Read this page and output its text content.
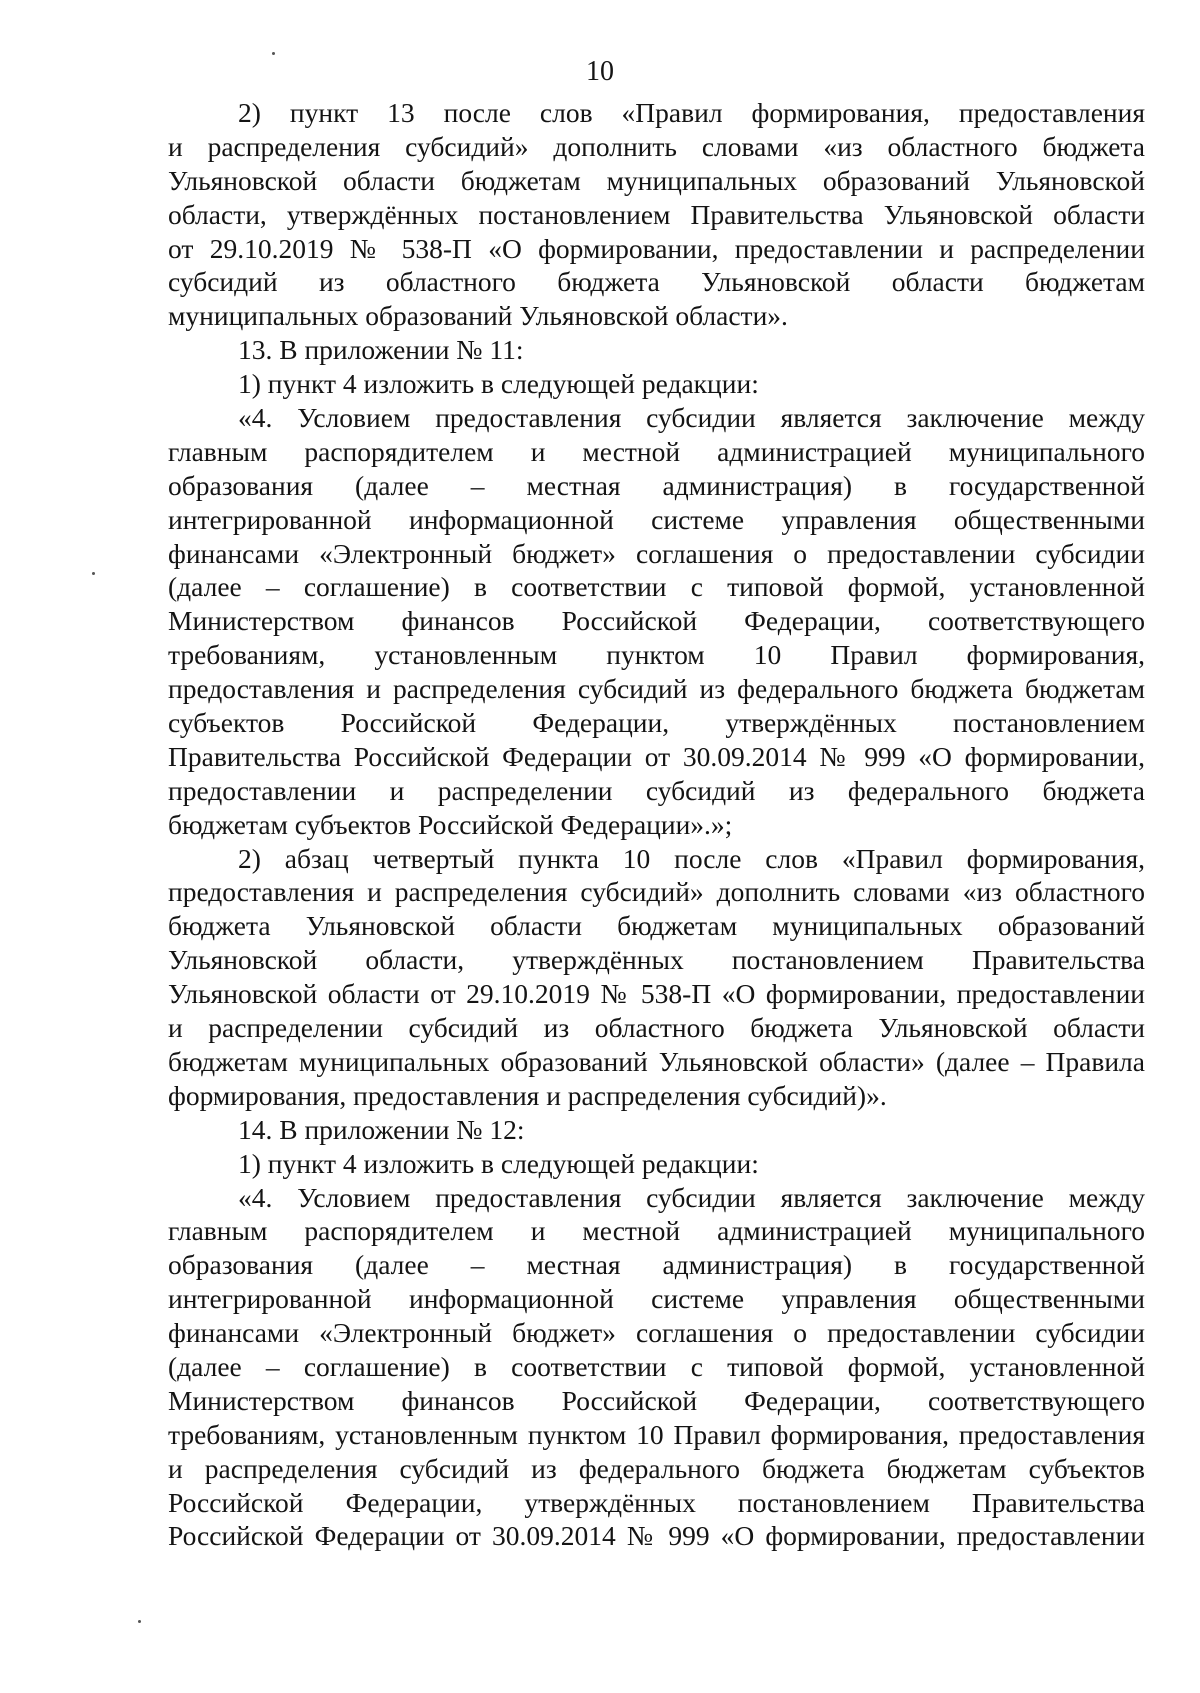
10
2) пункт 13 после слов «Правил формирования, предоставления
и распределения субсидий» дополнить словами «из областного бюджета
Ульяновской области бюджетам муниципальных образований Ульяновской
области, утверждённых постановлением Правительства Ульяновской области
от 29.10.2019 № 538-П «О формировании, предоставлении и распределении
субсидий из областного бюджета Ульяновской области бюджетам
муниципальных образований Ульяновской области».
13. В приложении № 11:
1) пункт 4 изложить в следующей редакции:
«4. Условием предоставления субсидии является заключение между
главным распорядителем и местной администрацией муниципального
образования (далее – местная администрация) в государственной
интегрированной информационной системе управления общественными
финансами «Электронный бюджет» соглашения о предоставлении субсидии
(далее – соглашение) в соответствии с типовой формой, установленной
Министерством финансов Российской Федерации, соответствующего
требованиям, установленным пунктом 10 Правил формирования,
предоставления и распределения субсидий из федерального бюджета бюджетам
субъектов Российской Федерации, утверждённых постановлением
Правительства Российской Федерации от 30.09.2014 № 999 «О формировании,
предоставлении и распределении субсидий из федерального бюджета
бюджетам субъектов Российской Федерации».»;
2) абзац четвертый пункта 10 после слов «Правил формирования,
предоставления и распределения субсидий» дополнить словами «из областного
бюджета Ульяновской области бюджетам муниципальных образований
Ульяновской области, утверждённых постановлением Правительства
Ульяновской области от 29.10.2019 № 538-П «О формировании, предоставлении
и распределении субсидий из областного бюджета Ульяновской области
бюджетам муниципальных образований Ульяновской области» (далее – Правила
формирования, предоставления и распределения субсидий)».
14. В приложении № 12:
1) пункт 4 изложить в следующей редакции:
«4. Условием предоставления субсидии является заключение между
главным распорядителем и местной администрацией муниципального
образования (далее – местная администрация) в государственной
интегрированной информационной системе управления общественными
финансами «Электронный бюджет» соглашения о предоставлении субсидии
(далее – соглашение) в соответствии с типовой формой, установленной
Министерством финансов Российской Федерации, соответствующего
требованиям, установленным пунктом 10 Правил формирования, предоставления
и распределения субсидий из федерального бюджета бюджетам субъектов
Российской Федерации, утверждённых постановлением Правительства
Российской Федерации от 30.09.2014 № 999 «О формировании, предоставлении
